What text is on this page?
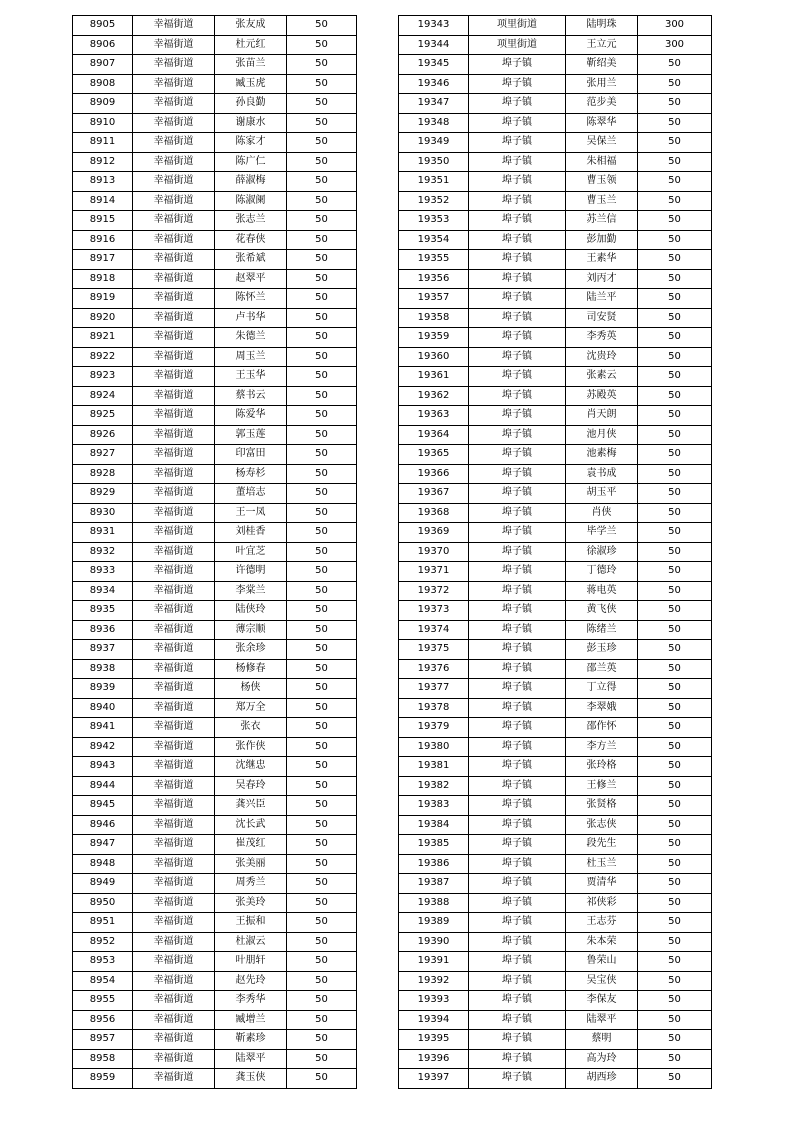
8905	幸福街道	张友成	50
8906	幸福街道	杜元红	50
8907	幸福街道	张苗兰	50
8908	幸福街道	臧玉虎	50
8909	幸福街道	孙良勤	50
8910	幸福街道	谢康水	50
8911	幸福街道	陈家才	50
8912	幸福街道	陈广仁	50
8913	幸福街道	薛淑梅	50
8914	幸福街道	陈淑阑	50
8915	幸福街道	张志兰	50
8916	幸福街道	花春侠	50
8917	幸福街道	张希斌	50
8918	幸福街道	赵翠平	50
8919	幸福街道	陈怀兰	50
8920	幸福街道	卢书华	50
8921	幸福街道	朱德兰	50
8922	幸福街道	周玉兰	50
8923	幸福街道	王玉华	50
8924	幸福街道	蔡书云	50
8925	幸福街道	陈爱华	50
8926	幸福街道	郭玉莲	50
8927	幸福街道	印富田	50
8928	幸福街道	杨寿杉	50
8929	幸福街道	董培志	50
8930	幸福街道	王一凤	50
8931	幸福街道	刘桂香	50
8932	幸福街道	叶宜芝	50
8933	幸福街道	许德明	50
8934	幸福街道	李棠兰	50
8935	幸福街道	陆侠玲	50
8936	幸福街道	薄宗顺	50
8937	幸福街道	张余珍	50
8938	幸福街道	杨修春	50
8939	幸福街道	杨侠	50
8940	幸福街道	郑万全	50
8941	幸福街道	张衣	50
8942	幸福街道	张作侠	50
8943	幸福街道	沈继忠	50
8944	幸福街道	吴春玲	50
8945	幸福街道	龚兴臣	50
8946	幸福街道	沈长武	50
8947	幸福街道	崔茂红	50
8948	幸福街道	张美丽	50
8949	幸福街道	周秀兰	50
8950	幸福街道	张美玲	50
8951	幸福街道	王振和	50
8952	幸福街道	杜淑云	50
8953	幸福街道	叶朋轩	50
8954	幸福街道	赵先玲	50
8955	幸福街道	李秀华	50
8956	幸福街道	臧增兰	50
8957	幸福街道	靳素珍	50
8958	幸福街道	陆翠平	50
8959	幸福街道	龚玉侠	50
19343	项里街道	陆明珠	300
19344	项里街道	王立元	300
19345	埠子镇	靳绍美	50
19346	埠子镇	张用兰	50
19347	埠子镇	范步美	50
19348	埠子镇	陈翠华	50
19349	埠子镇	吴保兰	50
19350	埠子镇	朱相福	50
19351	埠子镇	曹玉领	50
19352	埠子镇	曹玉兰	50
19353	埠子镇	苏兰信	50
19354	埠子镇	彭加勤	50
19355	埠子镇	王素华	50
19356	埠子镇	刘丙才	50
19357	埠子镇	陆兰平	50
19358	埠子镇	司安贤	50
19359	埠子镇	李秀英	50
19360	埠子镇	沈贵玲	50
19361	埠子镇	张素云	50
19362	埠子镇	苏殿英	50
19363	埠子镇	肖天朗	50
19364	埠子镇	池月侠	50
19365	埠子镇	池素梅	50
19366	埠子镇	袁书成	50
19367	埠子镇	胡玉平	50
19368	埠子镇	肖侠	50
19369	埠子镇	毕学兰	50
19370	埠子镇	徐淑珍	50
19371	埠子镇	丁德玲	50
19372	埠子镇	蒋电英	50
19373	埠子镇	黄飞侠	50
19374	埠子镇	陈绪兰	50
19375	埠子镇	彭玉珍	50
19376	埠子镇	邵兰英	50
19377	埠子镇	丁立得	50
19378	埠子镇	李翠娥	50
19379	埠子镇	邵作怀	50
19380	埠子镇	李方兰	50
19381	埠子镇	张玲格	50
19382	埠子镇	王修兰	50
19383	埠子镇	张贤格	50
19384	埠子镇	张志侠	50
19385	埠子镇	段先生	50
19386	埠子镇	杜玉兰	50
19387	埠子镇	贾清华	50
19388	埠子镇	祁侠彩	50
19389	埠子镇	王志芬	50
19390	埠子镇	朱本荣	50
19391	埠子镇	鲁荣山	50
19392	埠子镇	吴宝侠	50
19393	埠子镇	李保友	50
19394	埠子镇	陆翠平	50
19395	埠子镇	蔡明	50
19396	埠子镇	高为玲	50
19397	埠子镇	胡西珍	50
